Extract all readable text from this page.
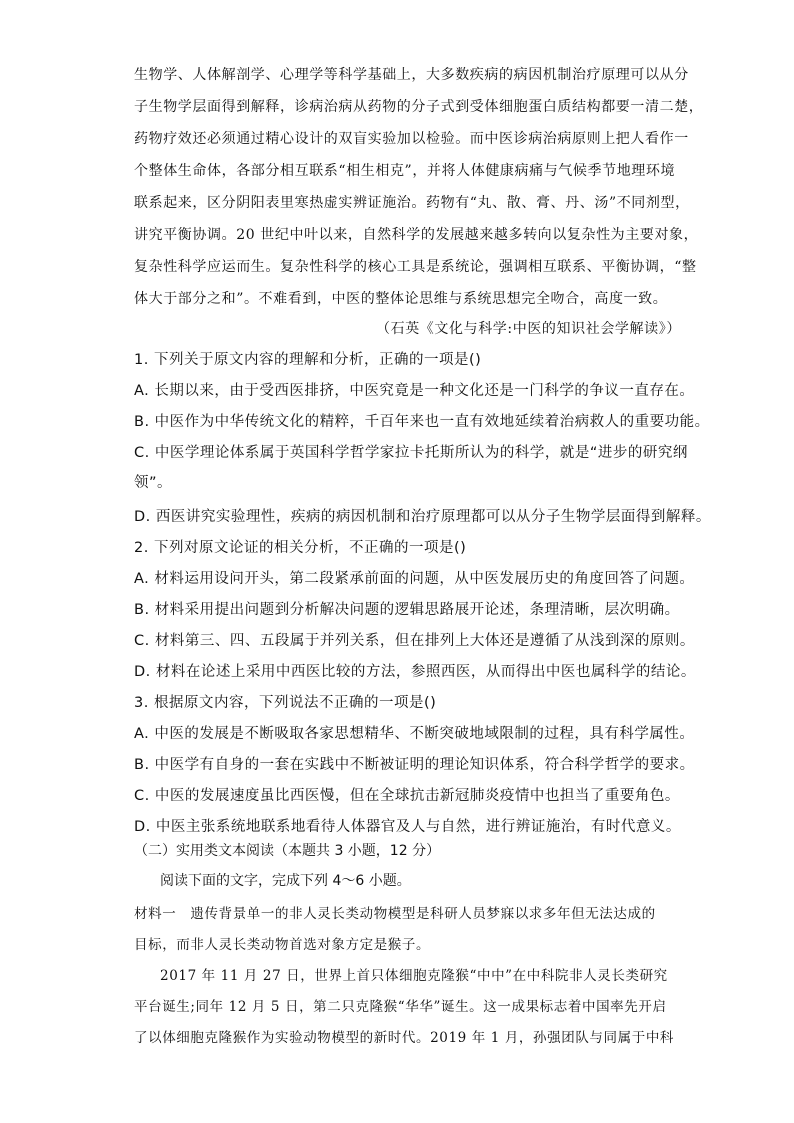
生物学、人体解剖学、心理学等科学基础上，大多数疾病的病因机制治疗原理可以从分
子生物学层面得到解释，诊病治病从药物的分子式到受体细胞蛋白质结构都要一清二楚，
药物疗效还必须通过精心设计的双盲实验加以检验。而中医诊病治病原则上把人看作一
个整体生命体，各部分相互联系“相生相克”，并将人体健康病痛与气候季节地理环境
联系起来，区分阴阳表里寒热虚实辨证施治。药物有“丸、散、膏、丹、汤”不同剂型，
讲究平衡协调。20 世纪中叶以来，自然科学的发展越来越多转向以复杂性为主要对象，
复杂性科学应运而生。复杂性科学的核心工具是系统论，强调相互联系、平衡协调，“整
体大于部分之和”。不难看到，中医的整体论思维与系统思想完全吻合，高度一致。
（石英《文化与科学:中医的知识社会学解读》）
1. 下列关于原文内容的理解和分析，正确的一项是()
A. 长期以来，由于受西医排挤，中医究竟是一种文化还是一门科学的争议一直存在。
B. 中医作为中华传统文化的精粹，千百年来也一直有效地延续着治病救人的重要功能。
C. 中医学理论体系属于英国科学哲学家拉卡托斯所认为的科学，就是“进步的研究纲
领”。
D. 西医讲究实验理性，疾病的病因机制和治疗原理都可以从分子生物学层面得到解释。
2. 下列对原文论证的相关分析，不正确的一项是()
A. 材料运用设问开头，第二段紧承前面的问题，从中医发展历史的角度回答了问题。
B. 材料采用提出问题到分析解决问题的逻辑思路展开论述，条理清晰，层次明确。
C. 材料第三、四、五段属于并列关系，但在排列上大体还是遵循了从浅到深的原则。
D. 材料在论述上采用中西医比较的方法，参照西医，从而得出中医也属科学的结论。
3. 根据原文内容，下列说法不正确的一项是()
A. 中医的发展是不断吸取各家思想精华、不断突破地域限制的过程，具有科学属性。
B. 中医学有自身的一套在实践中不断被证明的理论知识体系，符合科学哲学的要求。
C. 中医的发展速度虽比西医慢，但在全球抗击新冠肺炎疫情中也担当了重要角色。
D. 中医主张系统地联系地看待人体器官及人与自然，进行辨证施治，有时代意义。
（二）实用类文本阅读（本题共 3 小题，12 分）
阅读下面的文字，完成下列 4～6 小题。
材料一　遗传背景单一的非人灵长类动物模型是科研人员梦寐以求多年但无法达成的
目标，而非人灵长类动物首选对象方定是猴子。
2017 年 11 月 27 日，世界上首只体细胞克隆猴“中中”在中科院非人灵长类研究
平台诞生;同年 12 月 5 日，第二只克隆猴“华华”诞生。这一成果标志着中国率先开启
了以体细胞克隆猴作为实验动物模型的新时代。2019 年 1 月，孙强团队与同属于中科
